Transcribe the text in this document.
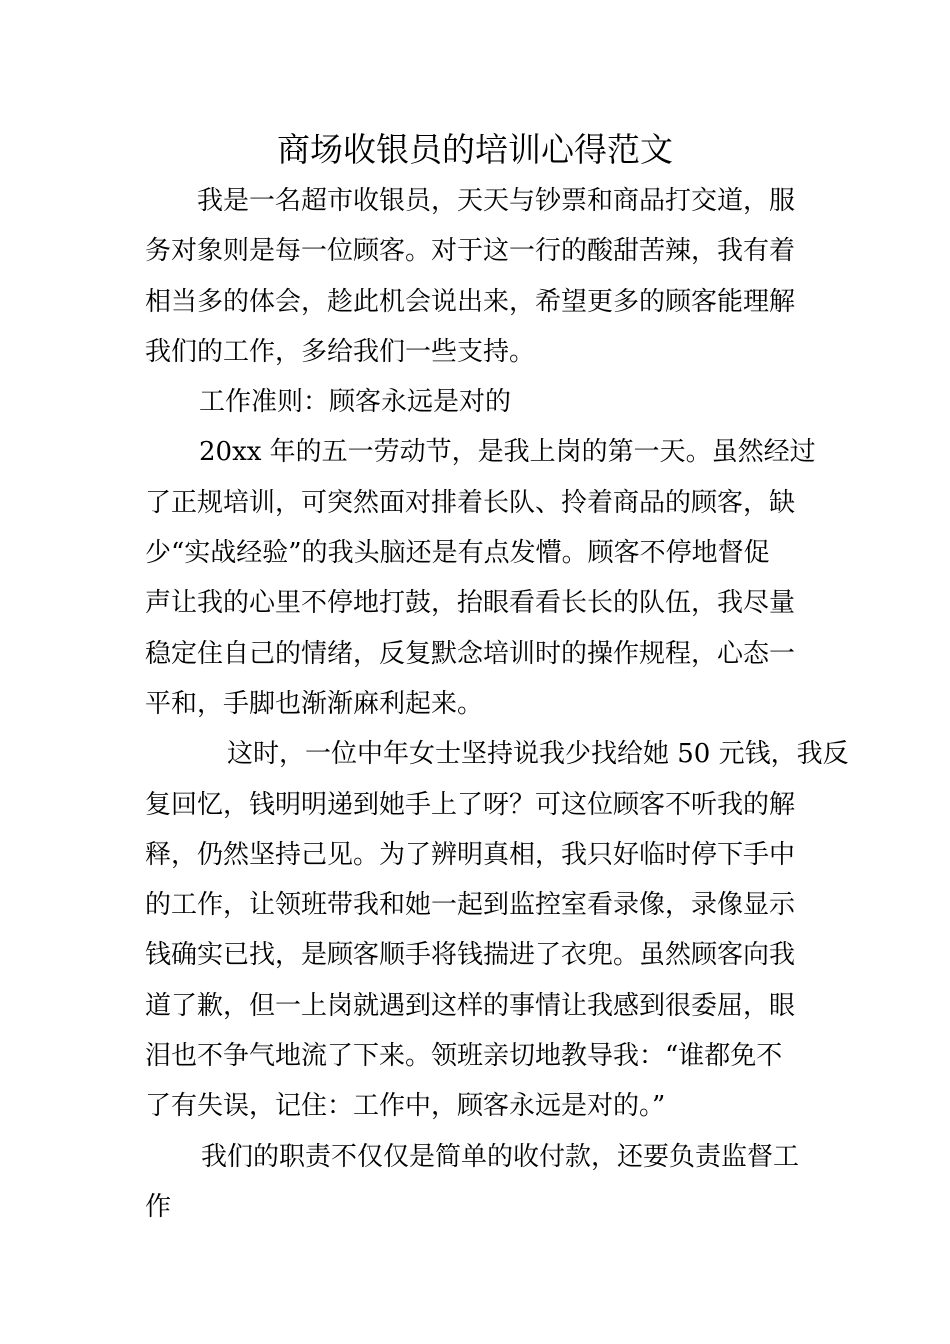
商场收银员的培训心得范文
我是一名超市收银员，天天与钞票和商品打交道，服
务对象则是每一位顾客。对于这一行的酸甜苦辣，我有着
相当多的体会，趁此机会说出来，希望更多的顾客能理解
我们的工作，多给我们一些支持。
工作准则：顾客永远是对的
20xx 年的五一劳动节，是我上岗的第一天。虽然经过
了正规培训，可突然面对排着长队、拎着商品的顾客，缺
少“实战经验”的我头脑还是有点发懵。顾客不停地督促
声让我的心里不停地打鼓，抬眼看看长长的队伍，我尽量
稳定住自己的情绪，反复默念培训时的操作规程，心态一
平和，手脚也渐渐麻利起来。
这时，一位中年女士坚持说我少找给她 50 元钱，我反
复回忆，钱明明递到她手上了呀？可这位顾客不听我的解
释，仍然坚持己见。为了辨明真相，我只好临时停下手中
的工作，让领班带我和她一起到监控室看录像，录像显示
钱确实已找，是顾客顺手将钱揣进了衣兜。虽然顾客向我
道了歉，但一上岗就遇到这样的事情让我感到很委屈，眼
泪也不争气地流了下来。领班亲切地教导我：“谁都免不
了有失误，记住：工作中，顾客永远是对的。”
我们的职责不仅仅是简单的收付款，还要负责监督工
作
